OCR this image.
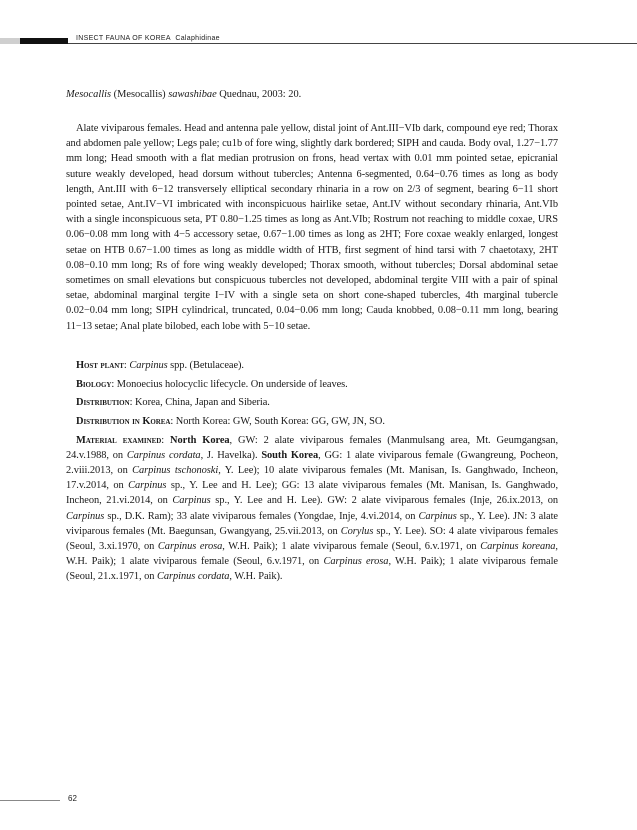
INSECT FAUNA OF KOREA Calaphidinae

Mesocallis (Mesocallis) sawashibae Quednau, 2003: 20.

Alate viviparous females. Head and antenna pale yellow, distal joint of Ant.III−VIb dark, compound eye red; Thorax and abdomen pale yellow; Legs pale; cu1b of fore wing, slightly dark bordered; SIPH and cauda. Body oval, 1.27−1.77 mm long; Head smooth with a flat median protrusion on frons, head vertax with 0.01 mm pointed setae, epicranial suture weakly developed, head dorsum without tubercles; Antenna 6-segmented, 0.64−0.76 times as long as body length, Ant.III with 6−12 transversely elliptical secondary rhinaria in a row on 2/3 of segment, bearing 6−11 short pointed setae, Ant.IV−VI imbricated with inconspicuous hairlike setae, Ant.IV without secondary rhinaria, Ant.VIb with a single inconspicuous seta, PT 0.80−1.25 times as long as Ant.VIb; Rostrum not reaching to middle coxae, URS 0.06−0.08 mm long with 4−5 accessory setae, 0.67−1.00 times as long as 2HT; Fore coxae weakly enlarged, longest setae on HTB 0.67−1.00 times as long as middle width of HTB, first segment of hind tarsi with 7 chaetotaxy, 2HT 0.08−0.10 mm long; Rs of fore wing weakly developed; Thorax smooth, without tubercles; Dorsal abdominal setae sometimes on small elevations but conspicuous tubercles not developed, abdominal tergite VIII with a pair of spinal setae, abdominal marginal tergite I−IV with a single seta on short cone-shaped tubercles, 4th marginal tubercle 0.02−0.04 mm long; SIPH cylindrical, truncated, 0.04−0.06 mm long; Cauda knobbed, 0.08−0.11 mm long, bearing 11−13 setae; Anal plate bilobed, each lobe with 5−10 setae.

Host plant: Carpinus spp. (Betulaceae).

Biology: Monoecius holocyclic lifecycle. On underside of leaves.

Distribution: Korea, China, Japan and Siberia.

Distribution in Korea: North Korea: GW, South Korea: GG, GW, JN, SO.

Material examined: North Korea, GW: 2 alate viviparous females (Manmulsang area, Mt. Geumgangsan, 24.v.1988, on Carpinus cordata, J. Havelka). South Korea, GG: 1 alate viviparous female (Gwangreung, Pocheon, 2.viii.2013, on Carpinus tschonoski, Y. Lee); 10 alate viviparous females (Mt. Manisan, Is. Ganghwado, Incheon, 17.v.2014, on Carpinus sp., Y. Lee and H. Lee); GG: 13 alate viviparous females (Mt. Manisan, Is. Ganghwado, Incheon, 21.vi.2014, on Carpinus sp., Y. Lee and H. Lee). GW: 2 alate viviparous females (Inje, 26.ix.2013, on Carpinus sp., D.K. Ram); 33 alate viviparous females (Yongdae, Inje, 4.vi.2014, on Carpinus sp., Y. Lee). JN: 3 alate viviparous females (Mt. Baegunsan, Gwangyang, 25.vii.2013, on Corylus sp., Y. Lee). SO: 4 alate viviparous females (Seoul, 3.xi.1970, on Carpinus erosa, W.H. Paik); 1 alate viviparous female (Seoul, 6.v.1971, on Carpinus koreana, W.H. Paik); 1 alate viviparous female (Seoul, 6.v.1971, on Carpinus erosa, W.H. Paik); 1 alate viviparous female (Seoul, 21.x.1971, on Carpinus cordata, W.H. Paik).

62
